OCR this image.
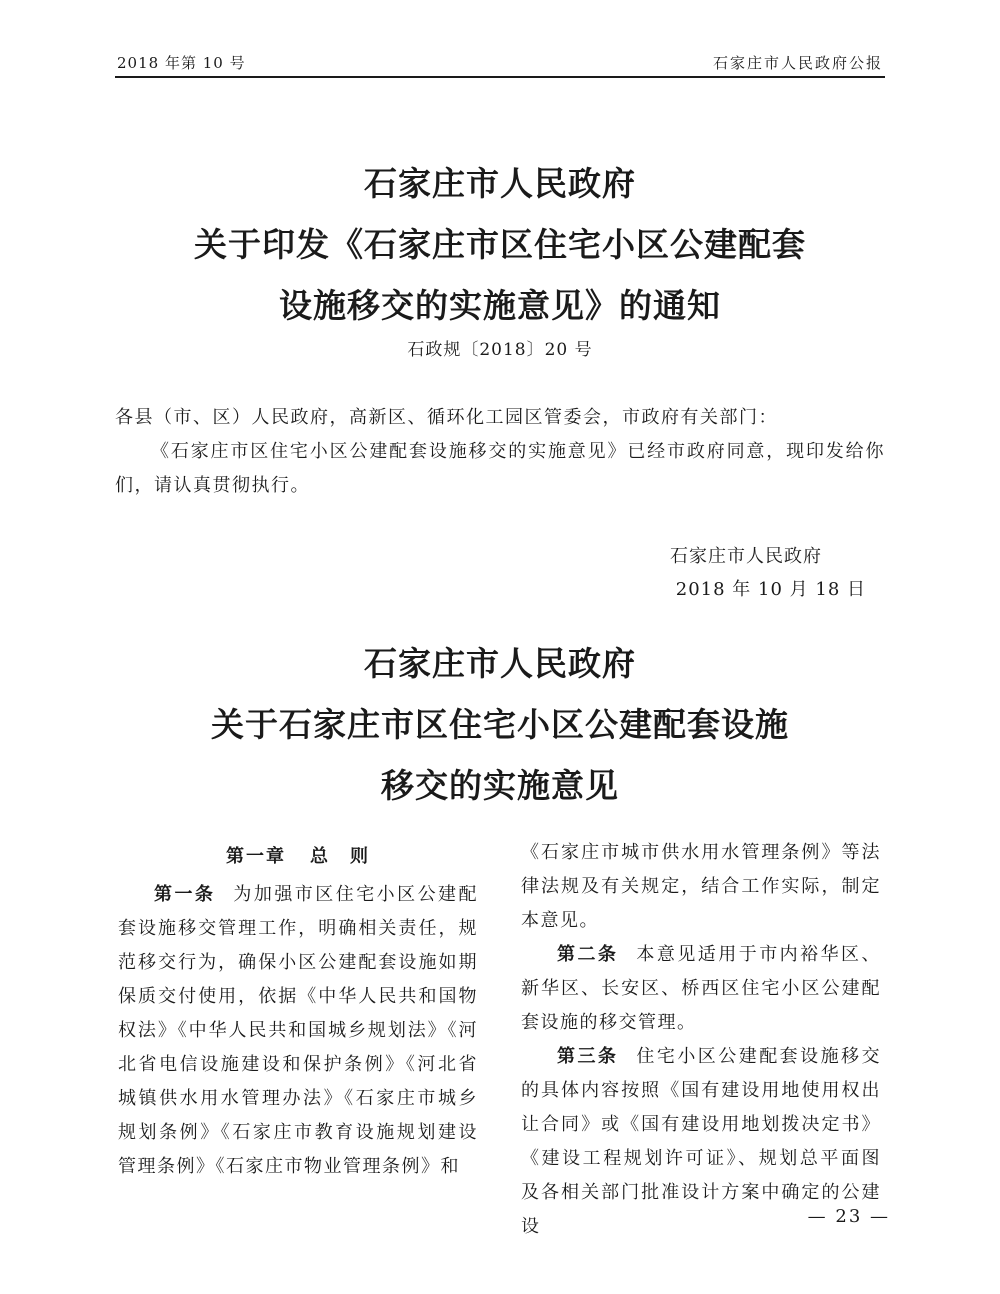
2018 年第 10 号	石家庄市人民政府公报
石家庄市人民政府
关于印发《石家庄市区住宅小区公建配套
设施移交的实施意见》的通知
石政规〔2018〕20 号
各县（市、区）人民政府，高新区、循环化工园区管委会，市政府有关部门：
《石家庄市区住宅小区公建配套设施移交的实施意见》已经市政府同意，现印发给你们，请认真贯彻执行。
石家庄市人民政府
2018 年 10 月 18 日
石家庄市人民政府
关于石家庄市区住宅小区公建配套设施
移交的实施意见
第一章 总　则

第一条 为加强市区住宅小区公建配套设施移交管理工作，明确相关责任，规范移交行为，确保小区公建配套设施如期保质交付使用，依据《中华人民共和国物权法》《中华人民共和国城乡规划法》《河北省电信设施建设和保护条例》《河北省城镇供水用水管理办法》《石家庄市城乡规划条例》《石家庄市教育设施规划建设管理条例》《石家庄市物业管理条例》和

《石家庄市城市供水用水管理条例》等法律法规及有关规定，结合工作实际，制定本意见。

第二条 本意见适用于市内裕华区、新华区、长安区、桥西区住宅小区公建配套设施的移交管理。

第三条 住宅小区公建配套设施移交的具体内容按照《国有建设用地使用权出让合同》或《国有建设用地划拨决定书》《建设工程规划许可证》、规划总平面图及各相关部门批准设计方案中确定的公建设	— 23 —
